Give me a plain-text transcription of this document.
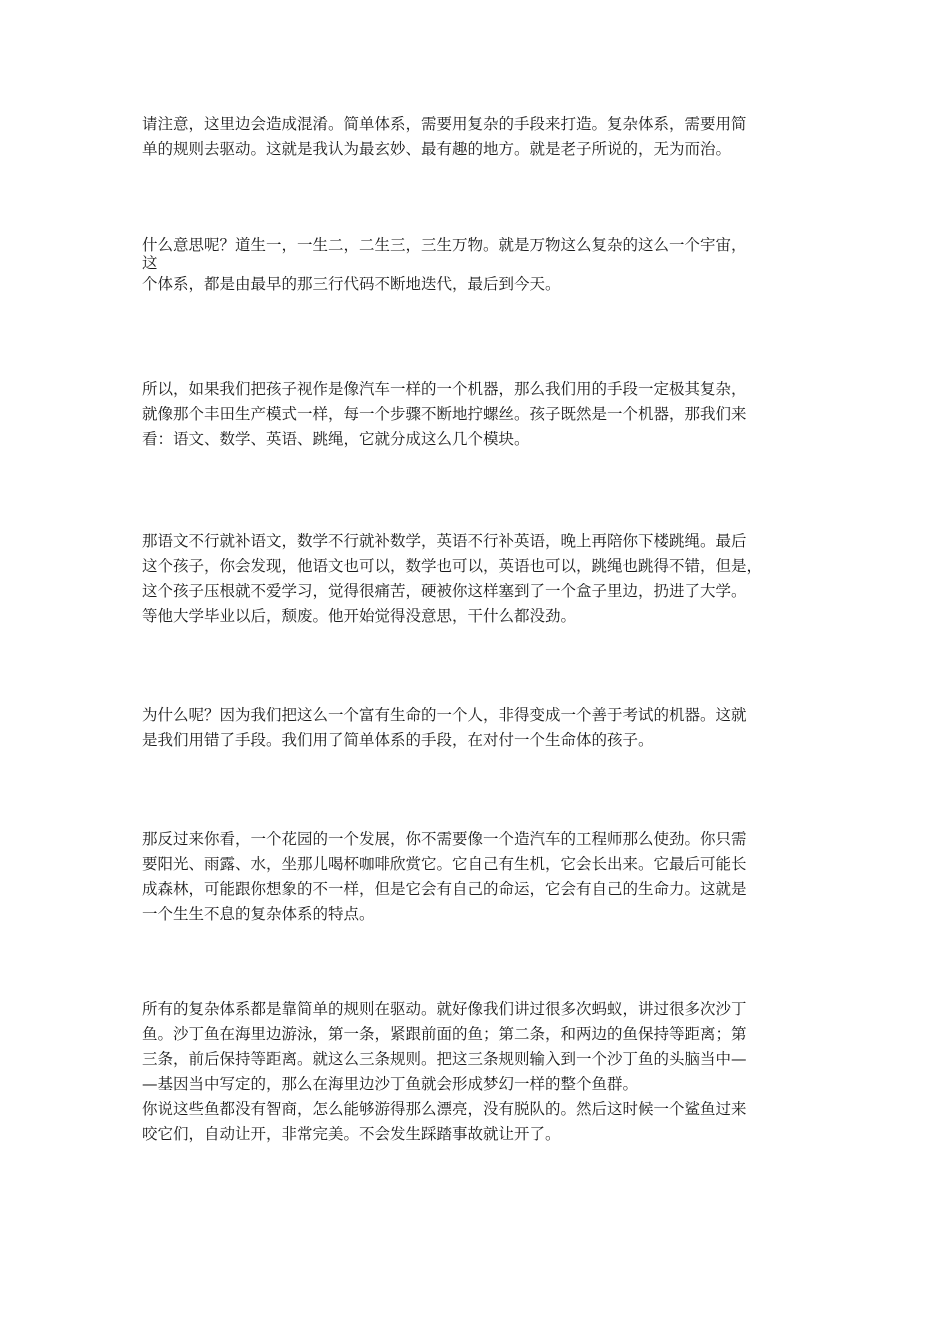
请注意，这里边会造成混淆。简单体系，需要用复杂的手段来打造。复杂体系，需要用简
单的规则去驱动。这就是我认为最玄妙、最有趣的地方。就是老子所说的，无为而治。
什么意思呢？道生一，一生二，二生三，三生万物。就是万物这么复杂的这么一个宇宙，
这
个体系，都是由最早的那三行代码不断地迭代，最后到今天。
所以，如果我们把孩子视作是像汽车一样的一个机器，那么我们用的手段一定极其复杂，
就像那个丰田生产模式一样，每一个步骤不断地拧螺丝。孩子既然是一个机器，那我们来
看：语文、数学、英语、跳绳，它就分成这么几个模块。
那语文不行就补语文，数学不行就补数学，英语不行补英语，晚上再陪你下楼跳绳。最后
这个孩子，你会发现，他语文也可以，数学也可以，英语也可以，跳绳也跳得不错，但是，
这个孩子压根就不爱学习，觉得很痛苦，硬被你这样塞到了一个盒子里边，扔进了大学。
等他大学毕业以后，颓废。他开始觉得没意思，干什么都没劲。
为什么呢？因为我们把这么一个富有生命的一个人，非得变成一个善于考试的机器。这就
是我们用错了手段。我们用了简单体系的手段，在对付一个生命体的孩子。
那反过来你看，一个花园的一个发展，你不需要像一个造汽车的工程师那么使劲。你只需
要阳光、雨露、水，坐那儿喝杯咖啡欣赏它。它自己有生机，它会长出来。它最后可能长
成森林，可能跟你想象的不一样，但是它会有自己的命运，它会有自己的生命力。这就是
一个生生不息的复杂体系的特点。
所有的复杂体系都是靠简单的规则在驱动。就好像我们讲过很多次蚂蚁，讲过很多次沙丁
鱼。沙丁鱼在海里边游泳，第一条，紧跟前面的鱼；第二条，和两边的鱼保持等距离；第
三条，前后保持等距离。就这么三条规则。把这三条规则输入到一个沙丁鱼的头脑当中—
—基因当中写定的，那么在海里边沙丁鱼就会形成梦幻一样的整个鱼群。
你说这些鱼都没有智商，怎么能够游得那么漂亮，没有脱队的。然后这时候一个鲨鱼过来
咬它们，自动让开，非常完美。不会发生踩踏事故就让开了。
